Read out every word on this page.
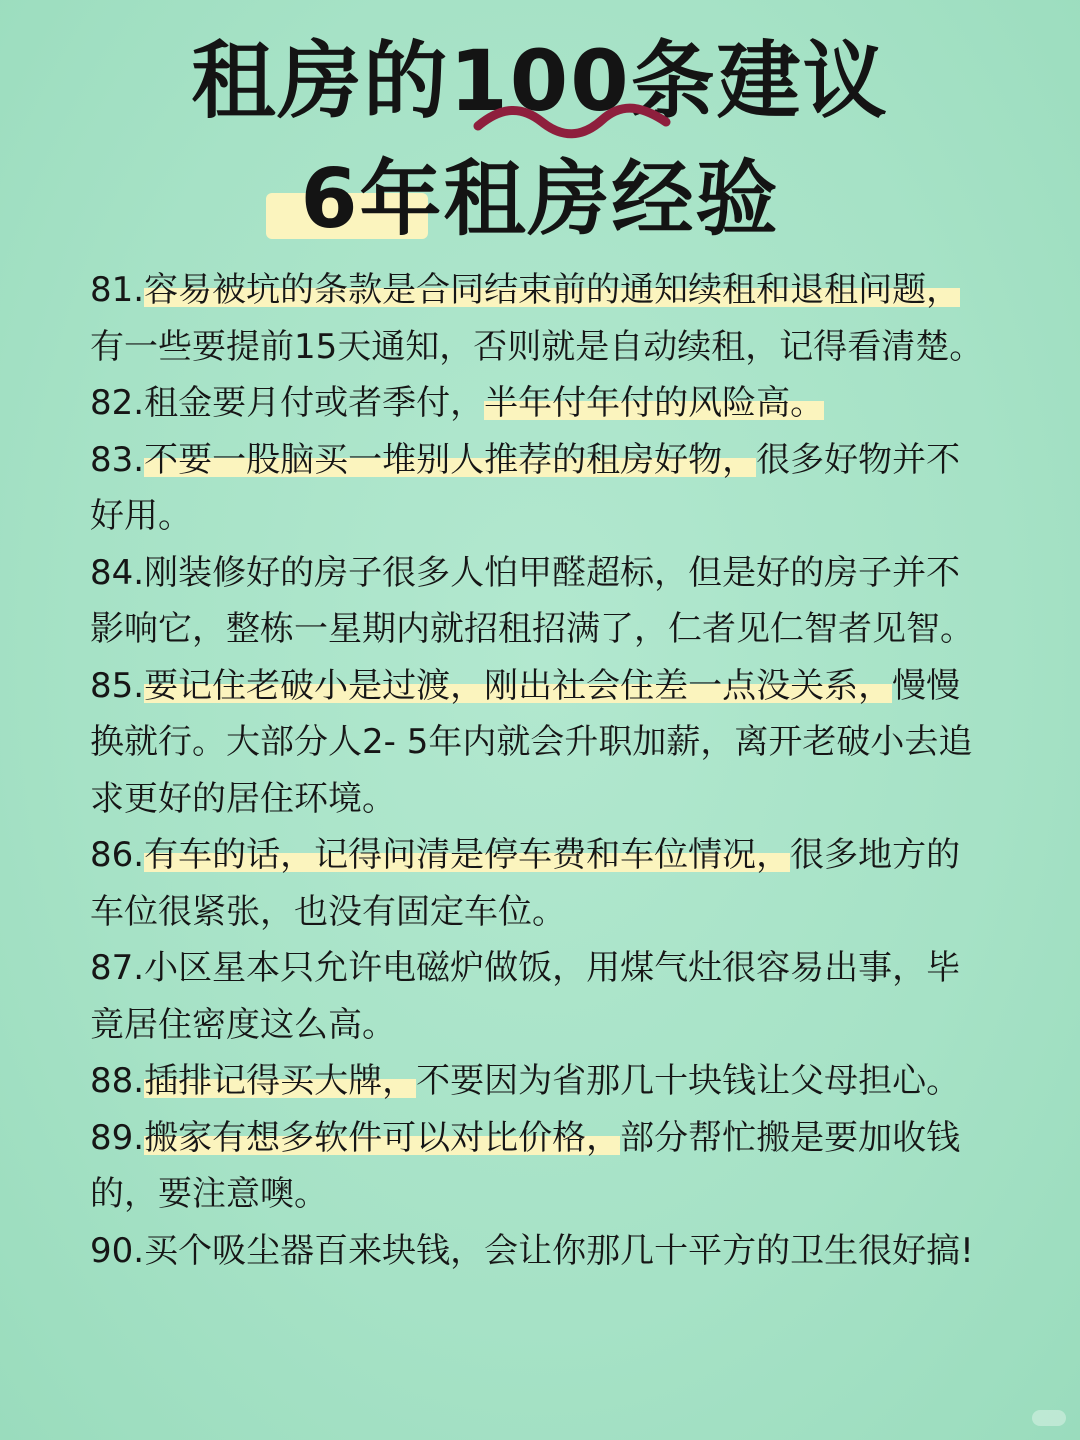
租房的100条建议
6年租房经验
81.容易被坑的条款是合同结束前的通知续租和退租问题，有一些要提前15天通知，否则就是自动续租，记得看清楚。
82.租金要月付或者季付，半年付年付的风险高。
83.不要一股脑买一堆别人推荐的租房好物，很多好物并不好用。
84.刚装修好的房子很多人怕甲醛超标，但是好的房子并不影响它，整栋一星期内就招租招满了，仁者见仁智者见智。
85.要记住老破小是过渡，刚出社会住差一点没关系，慢慢换就行。大部分人2- 5年内就会升职加薪，离开老破小去追求更好的居住环境。
86.有车的话，记得问清是停车费和车位情况，很多地方的车位很紧张，也没有固定车位。
87.小区星本只允许电磁炉做饭，用煤气灶很容易出事，毕竟居住密度这么高。
88.插排记得买大牌，不要因为省那几十块钱让父母担心。
89.搬家有想多软件可以对比价格，部分帮忙搬是要加收钱的，要注意噢。
90.买个吸尘器百来块钱，会让你那几十平方的卫生很好搞!
